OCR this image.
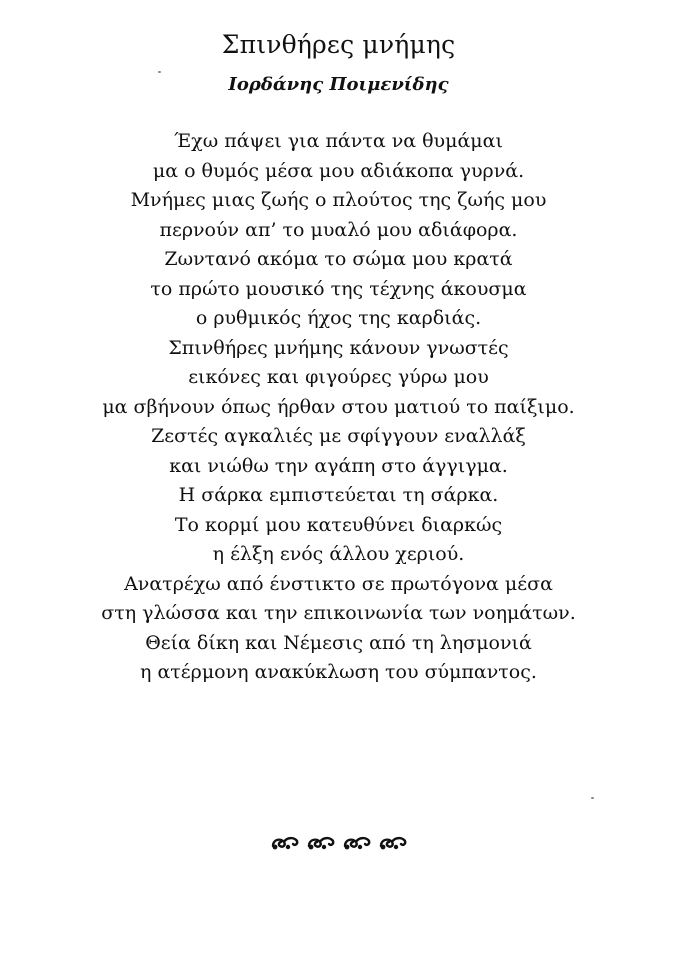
Σπινθήρες μνήμης
Ιορδάνης Ποιμενίδης
Έχω πάψει για πάντα να θυμάμαι
μα ο θυμός μέσα μου αδιάκοπα γυρνά.
Μνήμες μιας ζωής ο πλούτος της ζωής μου
περνούν απ’ το μυαλό μου αδιάφορα.
Ζωντανό ακόμα το σώμα μου κρατά
το πρώτο μουσικό της τέχνης άκουσμα
ο ρυθμικός ήχος της καρδιάς.
Σπινθήρες μνήμης κάνουν γνωστές
εικόνες και φιγούρες γύρω μου
μα σβήνουν όπως ήρθαν στου ματιού το παίξιμο.
Ζεστές αγκαλιές με σφίγγουν εναλλάξ
και νιώθω την αγάπη στο άγγιγμα.
Η σάρκα εμπιστεύεται τη σάρκα.
Το κορμί μου κατευθύνει διαρκώς
η έλξη ενός άλλου χεριού.
Ανατρέχω από ένστικτο σε πρωτόγονα μέσα
στη γλώσσα και την επικοινωνία των νοημάτων.
Θεία δίκη και Νέμεσις από τη λησμονιά
η ατέρμονη ανακύκλωση του σύμπαντος.
